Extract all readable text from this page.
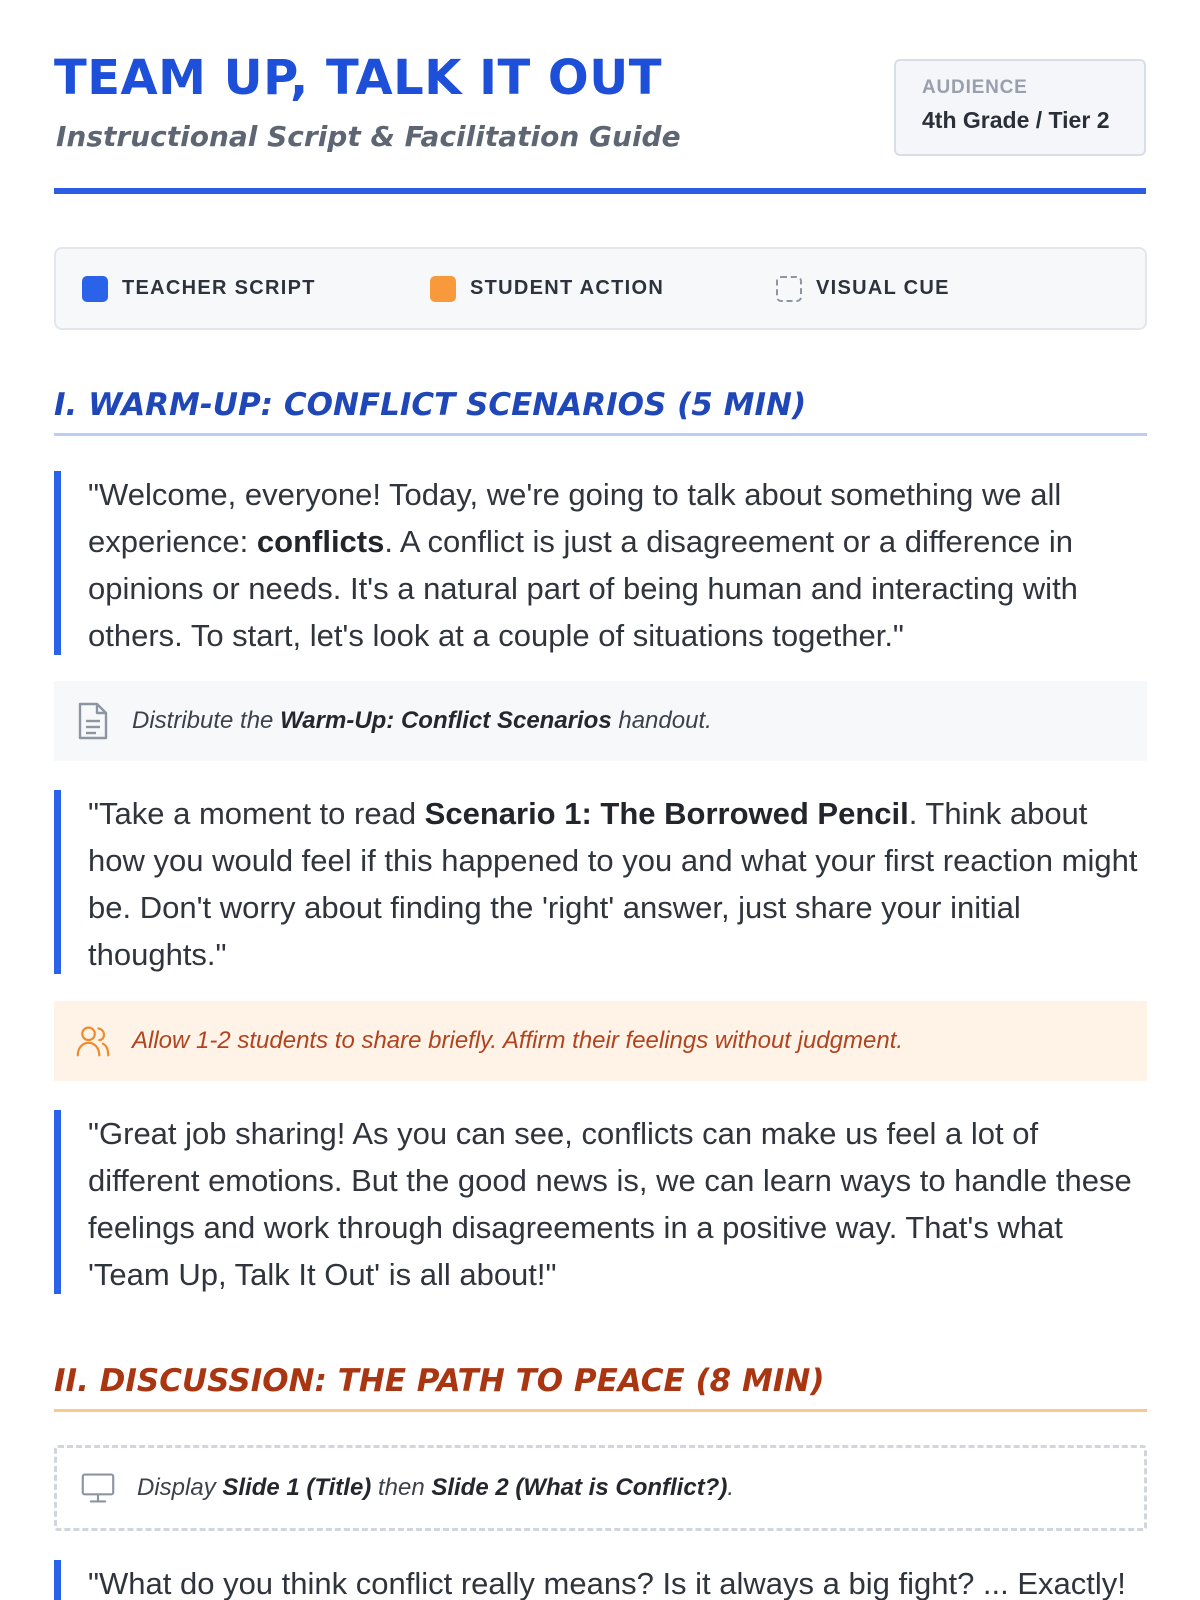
TEAM UP, TALK IT OUT
Instructional Script & Facilitation Guide
AUDIENCE
4th Grade / Tier 2
TEACHER SCRIPT	STUDENT ACTION	VISUAL CUE
I. WARM-UP: CONFLICT SCENARIOS (5 MIN)
"Welcome, everyone! Today, we're going to talk about something we all experience: conflicts. A conflict is just a disagreement or a difference in opinions or needs. It's a natural part of being human and interacting with others. To start, let's look at a couple of situations together."
Distribute the Warm-Up: Conflict Scenarios handout.
"Take a moment to read Scenario 1: The Borrowed Pencil. Think about how you would feel if this happened to you and what your first reaction might be. Don't worry about finding the 'right' answer, just share your initial thoughts."
Allow 1-2 students to share briefly. Affirm their feelings without judgment.
"Great job sharing! As you can see, conflicts can make us feel a lot of different emotions. But the good news is, we can learn ways to handle these feelings and work through disagreements in a positive way. That's what 'Team Up, Talk It Out' is all about!"
II. DISCUSSION: THE PATH TO PEACE (8 MIN)
Display Slide 1 (Title) then Slide 2 (What is Conflict?).
"What do you think conflict really means? Is it always a big fight? ... Exactly!
